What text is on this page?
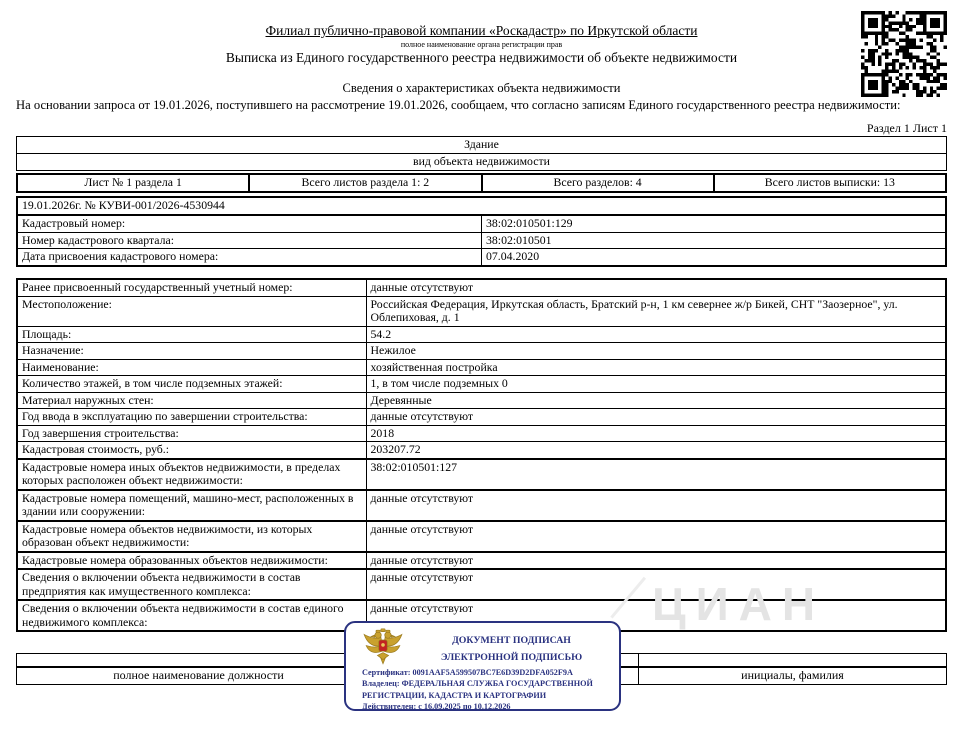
Филиал публично-правовой компании «Роскадастр» по Иркутской области
полное наименование органа регистрации прав
Выписка из Единого государственного реестра недвижимости об объекте недвижимости
Сведения о характеристиках объекта недвижимости
На основании запроса от 19.01.2026, поступившего на рассмотрение 19.01.2026, сообщаем, что согласно записям Единого государственного реестра недвижимости:
Раздел 1 Лист 1
Здание
вид объекта недвижимости
Лист № 1 раздела 1	Всего листов раздела 1: 2	Всего разделов: 4	Всего листов выписки: 13
19.01.2026г. № КУВИ-001/2026-4530944	
Кадастровый номер:	38:02:010501:129
Номер кадастрового квартала:	38:02:010501
Дата присвоения кадастрового номера:	07.04.2020
Ранее присвоенный государственный учетный номер:	данные отсутствуют
Местоположение:	Российская Федерация, Иркутская область, Братский р-н, 1 км севернее ж/р Бикей, СНТ "Заозерное", ул. Облепиховая, д. 1
Площадь:	54.2
Назначение:	Нежилое
Наименование:	хозяйственная постройка
Количество этажей, в том числе подземных этажей:	1, в том числе подземных 0
Материал наружных стен:	Деревянные
Год ввода в эксплуатацию по завершении строительства:	данные отсутствуют
Год завершения строительства:	2018
Кадастровая стоимость, руб.:	203207.72
Кадастровые номера иных объектов недвижимости, в пределах которых расположен объект недвижимости:	38:02:010501:127
Кадастровые номера помещений, машино-мест, расположенных в здании или сооружении:	данные отсутствуют
Кадастровые номера объектов недвижимости, из которых образован объект недвижимости:	данные отсутствуют
Кадастровые номера образованных объектов недвижимости:	данные отсутствуют
Сведения о включении объекта недвижимости в состав предприятия как имущественного комплекса:	данные отсутствуют
Сведения о включении объекта недвижимости в состав единого недвижимого комплекса:	данные отсутствуют	ЦИАН

полное наименование должности		инициалы, фамилия
ДОКУМЕНТ ПОДПИСАН
ЭЛЕКТРОННОЙ ПОДПИСЬЮ
Сертификат: 0091AAF5A599507BC7E6D39D2DFA052F9A
Владелец: ФЕДЕРАЛЬНАЯ СЛУЖБА ГОСУДАРСТВЕННОЙ
РЕГИСТРАЦИИ, КАДАСТРА И КАРТОГРАФИИ
Действителен: с 16.09.2025 по 10.12.2026
